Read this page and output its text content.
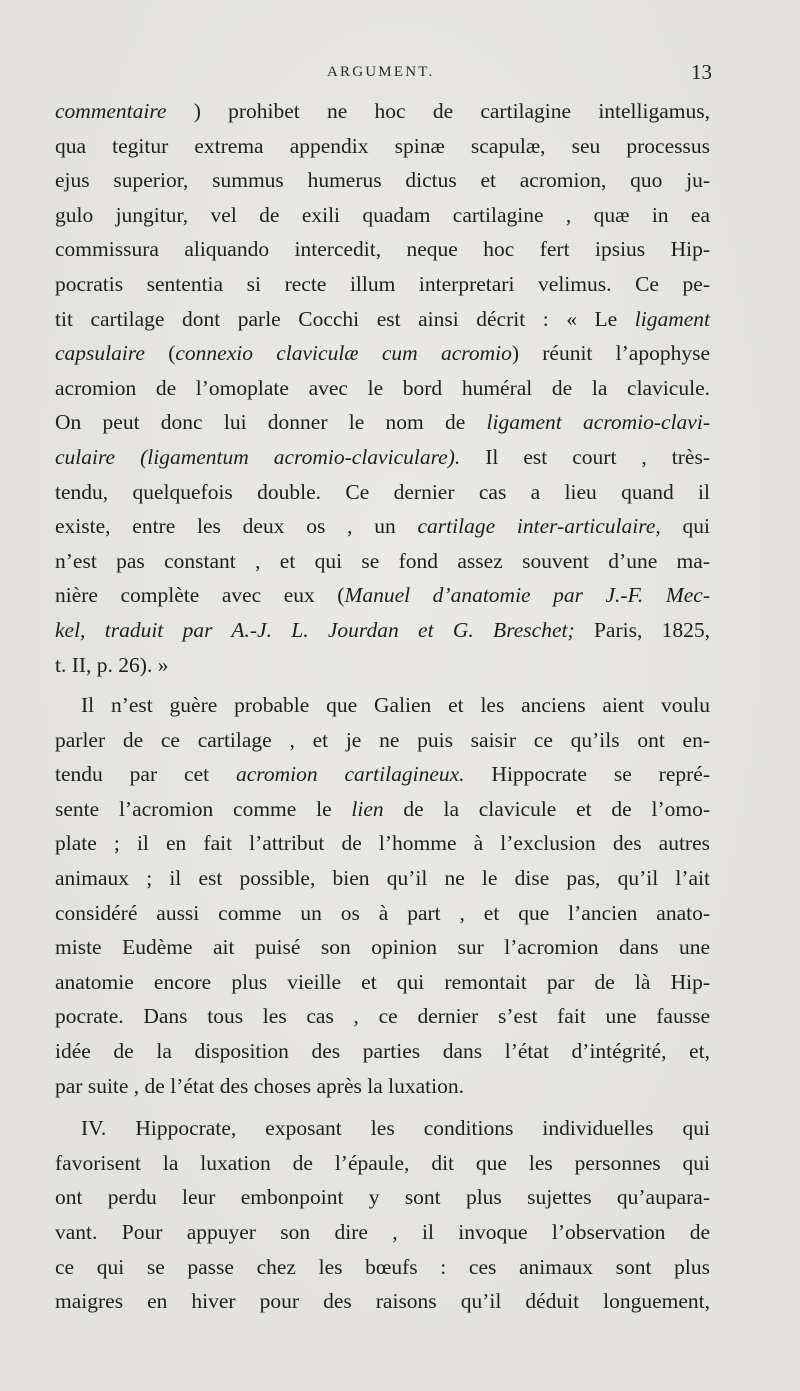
ARGUMENT.	13
commentaire ) prohibet ne hoc de cartilagine intelligamus,
qua tegitur extrema appendix spinæ scapulæ, seu processus
ejus superior, summus humerus dictus et acromion, quo ju-
gulo jungitur, vel de exili quadam cartilagine , quæ in ea
commissura aliquando intercedit, neque hoc fert ipsius Hip-
pocratis sententia si recte illum interpretari velimus. Ce pe-
tit cartilage dont parle Cocchi est ainsi décrit : « Le ligament
capsulaire (connexio claviculæ cum acromio) réunit l’apophyse
acromion de l’omoplate avec le bord huméral de la clavicule.
On peut donc lui donner le nom de ligament acromio-clavi-
culaire (ligamentum acromio-claviculare). Il est court , très-
tendu, quelquefois double. Ce dernier cas a lieu quand il
existe, entre les deux os , un cartilage inter-articulaire, qui
n’est pas constant , et qui se fond assez souvent d’une ma-
nière complète avec eux (Manuel d’anatomie par J.-F. Mec-
kel, traduit par A.-J. L. Jourdan et G. Breschet; Paris, 1825,
t. II, p. 26). »
Il n’est guère probable que Galien et les anciens aient voulu
parler de ce cartilage , et je ne puis saisir ce qu’ils ont en-
tendu par cet acromion cartilagineux. Hippocrate se repré-
sente l’acromion comme le lien de la clavicule et de l’omo-
plate ; il en fait l’attribut de l’homme à l’exclusion des autres
animaux ; il est possible, bien qu’il ne le dise pas, qu’il l’ait
considéré aussi comme un os à part , et que l’ancien anato-
miste Eudème ait puisé son opinion sur l’acromion dans une
anatomie encore plus vieille et qui remontait par de là Hip-
pocrate. Dans tous les cas , ce dernier s’est fait une fausse
idée de la disposition des parties dans l’état d’intégrité, et,
par suite , de l’état des choses après la luxation.
IV. Hippocrate, exposant les conditions individuelles qui
favorisent la luxation de l’épaule, dit que les personnes qui
ont perdu leur embonpoint y sont plus sujettes qu’aupara-
vant. Pour appuyer son dire , il invoque l’observation de
ce qui se passe chez les bœufs : ces animaux sont plus
maigres en hiver pour des raisons qu’il déduit longuement,
